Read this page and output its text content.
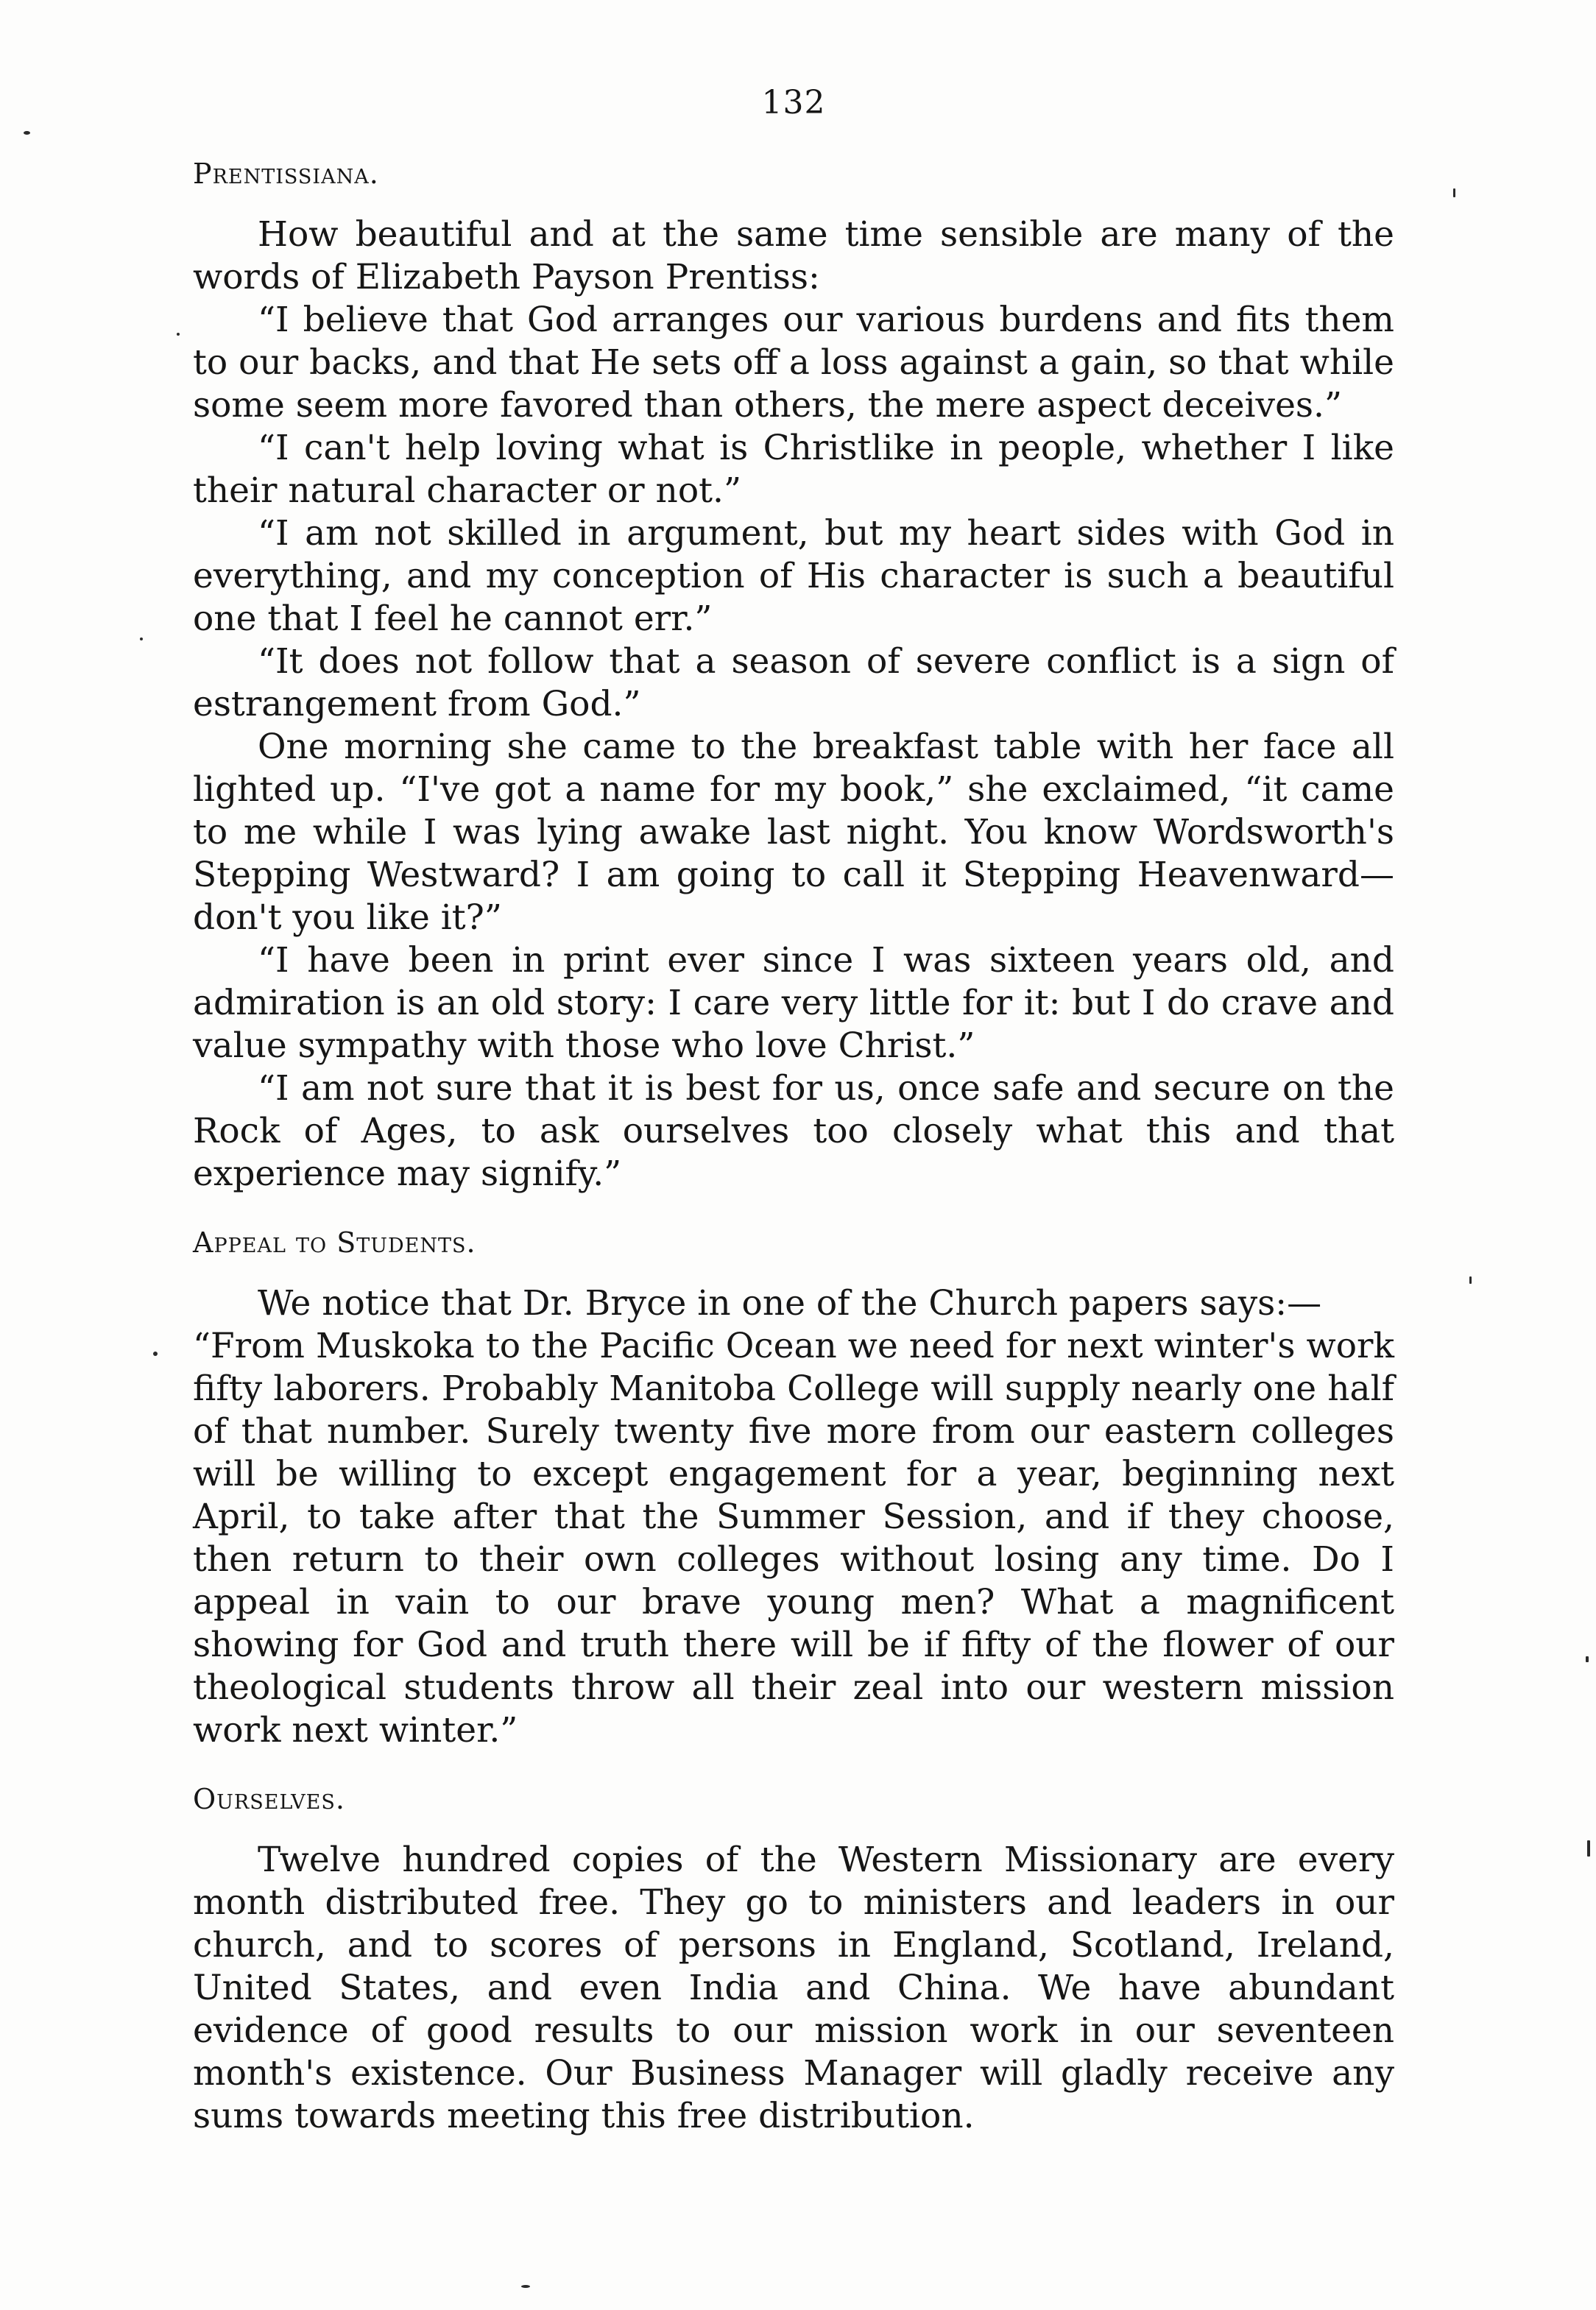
132
Prentissiana.

How beautiful and at the same time sensible are many of the words of Elizabeth Payson Prentiss:

“I believe that God arranges our various burdens and fits them to our backs, and that He sets off a loss against a gain, so that while some seem more favored than others, the mere aspect deceives.”

“I can't help loving what is Christlike in people, whether I like their natural character or not.”

“I am not skilled in argument, but my heart sides with God in everything, and my conception of His character is such a beautiful one that I feel he cannot err.”

“It does not follow that a season of severe conflict is a sign of estrangement from God.”

One morning she came to the breakfast table with her face all lighted up. “I've got a name for my book,” she exclaimed, “it came to me while I was lying awake last night. You know Wordsworth's Stepping Westward? I am going to call it Stepping Heavenward—don't you like it?”

“I have been in print ever since I was sixteen years old, and admiration is an old story: I care very little for it: but I do crave and value sympathy with those who love Christ.”

“I am not sure that it is best for us, once safe and secure on the Rock of Ages, to ask ourselves too closely what this and that experience may signify.”

Appeal to Students.

We notice that Dr. Bryce in one of the Church papers says:—

“From Muskoka to the Pacific Ocean we need for next winter's work fifty laborers. Probably Manitoba College will supply nearly one half of that number. Surely twenty five more from our eastern colleges will be willing to except engagement for a year, beginning next April, to take after that the Summer Session, and if they choose, then return to their own colleges without losing any time. Do I appeal in vain to our brave young men? What a magnificent showing for God and truth there will be if fifty of the flower of our theological students throw all their zeal into our western mission work next winter.”

Ourselves.

Twelve hundred copies of the Western Missionary are every month distributed free. They go to ministers and leaders in our church, and to scores of persons in England, Scotland, Ireland, United States, and even India and China. We have abundant evidence of good results to our mission work in our seventeen month's existence. Our Business Manager will gladly receive any sums towards meeting this free distribution.
